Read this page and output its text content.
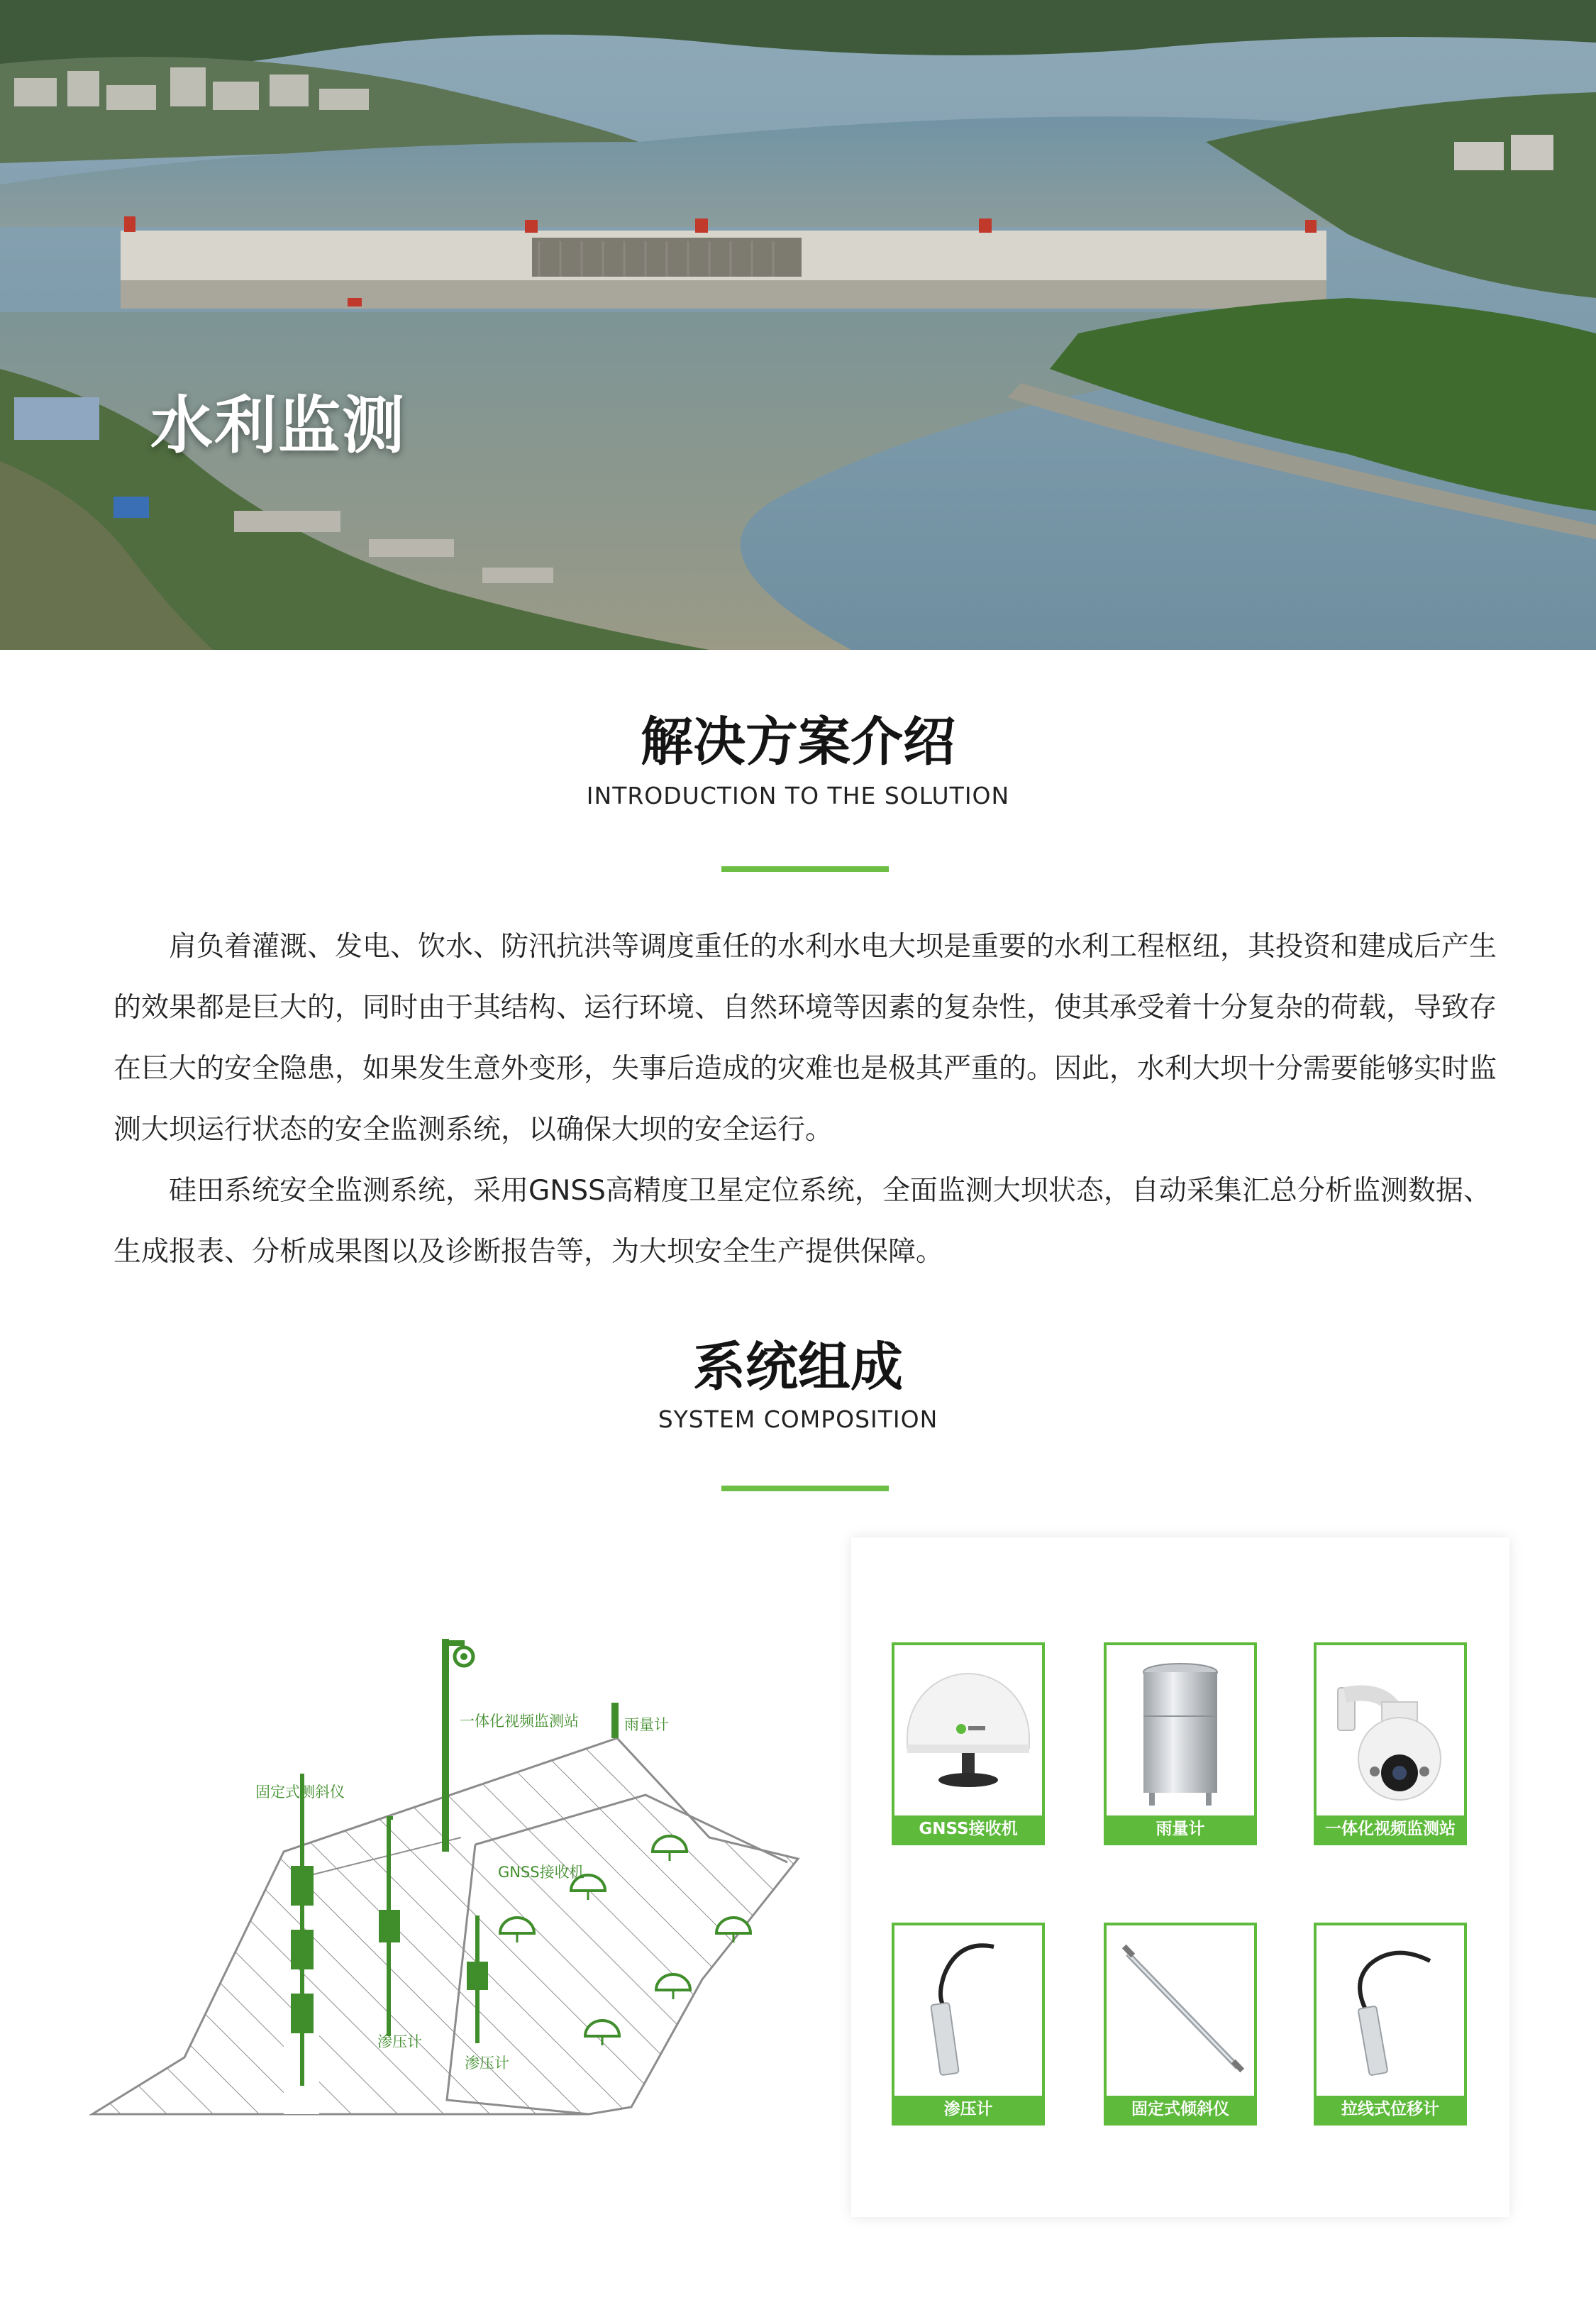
水利监测
解决方案介绍
INTRODUCTION TO THE SOLUTION

肩负着灌溉、发电、饮水、防汛抗洪等调度重任的水利水电大坝是重要的水利工程枢纽，其投资和建成后产生的效果都是巨大的，同时由于其结构、运行环境、自然环境等因素的复杂性，使其承受着十分复杂的荷载，导致存在巨大的安全隐患，如果发生意外变形，失事后造成的灾难也是极其严重的。因此，水利大坝十分需要能够实时监测大坝运行状态的安全监测系统，以确保大坝的安全运行。

硅田系统安全监测系统，采用GNSS高精度卫星定位系统，全面监测大坝状态，自动采集汇总分析监测数据、生成报表、分析成果图以及诊断报告等，为大坝安全生产提供保障。

系统组成
SYSTEM COMPOSITION
一体化视频监测站	雨量计
固定式测斜仪
GNSS接收机
渗压计
渗压计
GNSS接收机	雨量计	一体化视频监测站
渗压计	固定式倾斜仪	拉线式位移计
